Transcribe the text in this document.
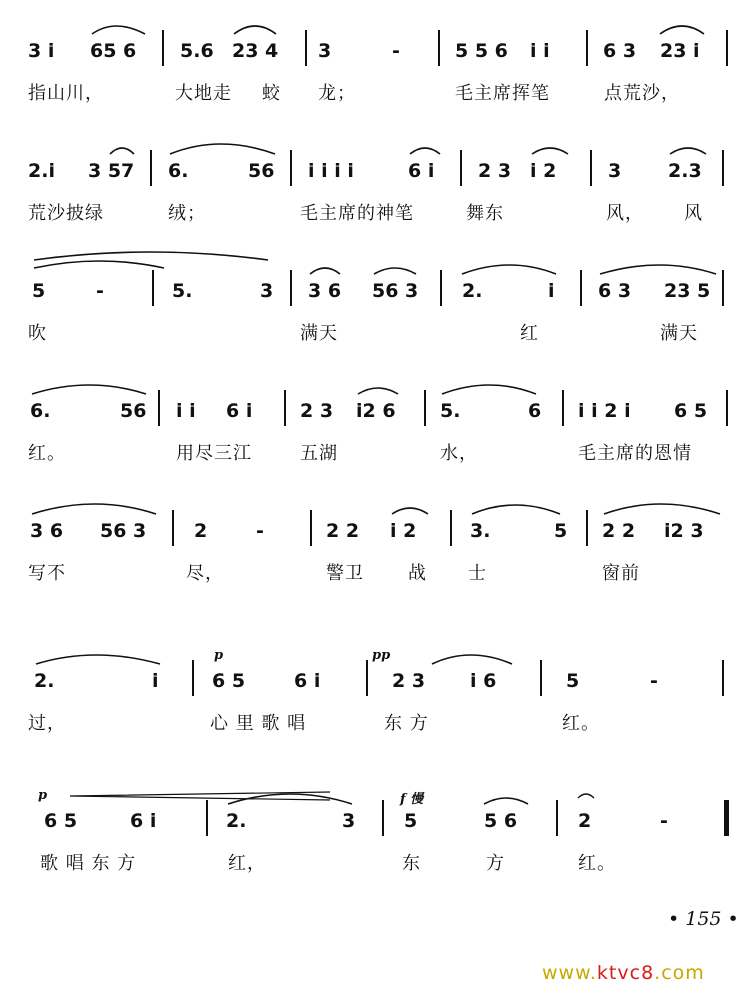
3 i 65 6 5.6 23 4 3	-	5 5 6 i i	6 3 23 i
指山川，	大地走 蛟 龙；	毛主席挥笔	点荒沙，
2.i 3 57 6.	56 i i i i	6 i 2 3 i 2	3 2.3
荒沙披绿	绒；	毛主席的神笔	舞东	风， 风
5	-	5.	3 3 6 56 3 2.	i 6 3 23 5
吹	满天	红	满天
6.	56 i i 6 i	2 3 i2 6 5.	6 i i 2 i 6 5
红。	用尽三江	五湖	水，	毛主席的恩情
3 6 56 3	2	-	2 2 i 2	3.	5 2 2 i2 3
写不	尽，	警卫 战 士	窗前
p	pp
2.	i	6 5	6 i	2 3 i 6	5	-
过，	心 里 歌 唱	东 方	红。
p	f 慢
6 5	6 i	2.	3	5	5 6	2	-
歌 唱 东 方	红，	东	方	红。
• 155 •
www.ktvc8.com
